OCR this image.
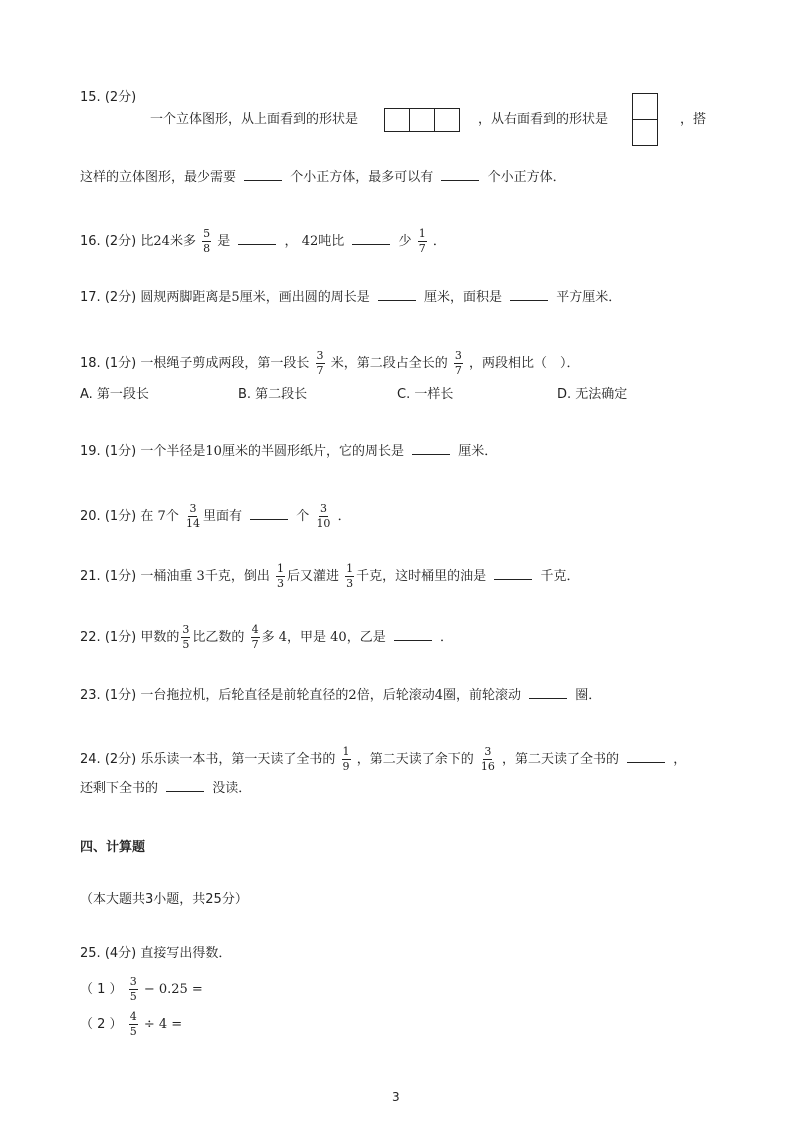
15. (2分)
一个立体图形，从上面看到的形状是	，从右面看到的形状是	，搭
这样的立体图形，最少需要	个小正方体，最多可以有	个小正方体．
16. (2分) 比24米多 $\frac{5}{8}$ 是	， 42吨比	少 $\frac{1}{7}$ ．
17. (2分) 圆规两脚距离是5厘米，画出圆的周长是	厘米，面积是	平方厘米．
18. (1分) 一根绳子剪成两段，第一段长 $\frac{3}{7}$ 米，第二段占全长的 $\frac{3}{7}$ ，两段相比（　）．
A. 第一段长	B. 第二段长	C. 一样长	D. 无法确定
19. (1分) 一个半径是10厘米的半圆形纸片，它的周长是	厘米．
20. (1分) 在 7个 $\frac{3}{14}$ 里面有	个 $\frac{3}{10}$ ．
21. (1分) 一桶油重 3千克，倒出 $\frac{1}{3}$ 后又灌进 $\frac{1}{3}$ 千克，这时桶里的油是	千克．
22. (1分) 甲数的 $\frac{3}{5}$ 比乙数的 $\frac{4}{7}$ 多 4，甲是 40，乙是	．
23. (1分) 一台拖拉机，后轮直径是前轮直径的2倍，后轮滚动4圈，前轮滚动	圈．
24. (2分) 乐乐读一本书，第一天读了全书的 $\frac{1}{9}$ ，第二天读了余下的 $\frac{3}{16}$ ，第二天读了全书的	，
还剩下全书的	没读．
四、计算题
（本大题共3小题，共25分）
25. (4分) 直接写出得数．
（ 1 ） $\frac{3}{5} - 0.25$ =
（ 2 ） $\frac{4}{5} \div 4$ =
3
